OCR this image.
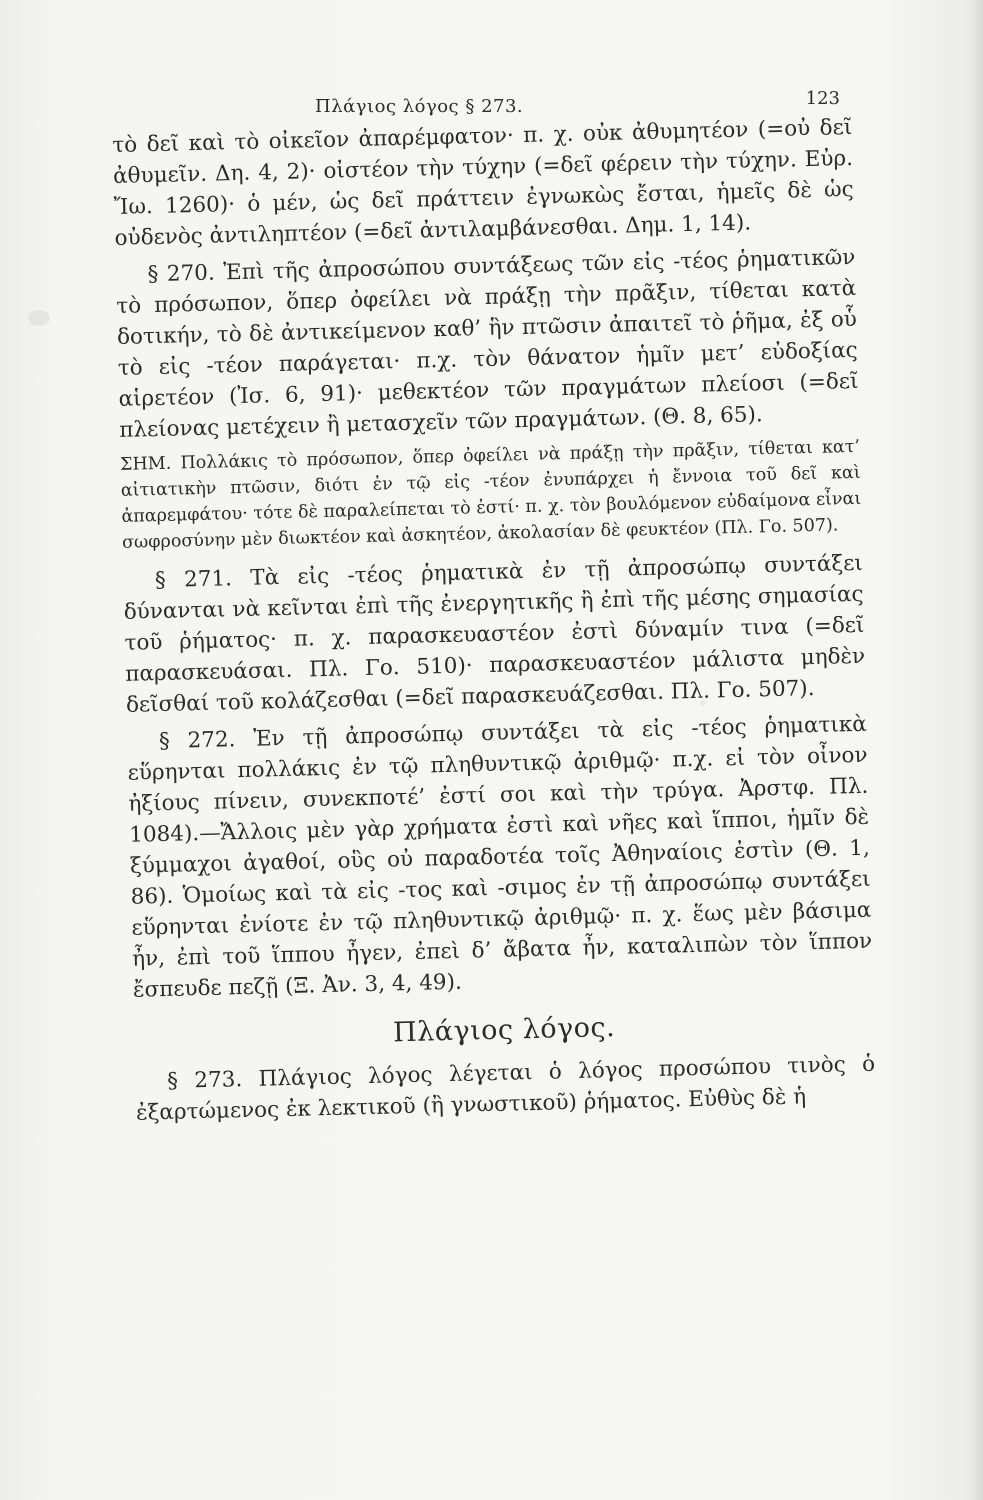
Πλάγιος λόγος § 273.	123

τὸ δεῖ καὶ τὸ οἰκεῖον ἀπαρέμφατον· π. χ. οὐκ ἀθυμητέον (=οὐ δεῖ ἀθυμεῖν. Δη. 4, 2)· οἰστέον τὴν τύχην (=δεῖ φέρειν τὴν τύχην. Εὐρ. Ἴω. 1260)· ὁ μέν, ὡς δεῖ πράττειν ἐγνωκὼς ἔσται, ἡμεῖς δὲ ὡς οὐδενὸς ἀντιληπτέον (=δεῖ ἀντιλαμβάνεσθαι. Δημ. 1, 14).

§ 270. Ἐπὶ τῆς ἀπροσώπου συντάξεως τῶν εἰς -τέος ῥηματικῶν τὸ πρόσωπον, ὅπερ ὀφείλει νὰ πράξῃ τὴν πρᾶξιν, τίθεται κατὰ δοτικήν, τὸ δὲ ἀντικείμενον καθ’ ἣν πτῶσιν ἀπαιτεῖ τὸ ῥῆμα, ἐξ οὗ τὸ εἰς -τέον παράγεται· π.χ. τὸν θάνατον ἡμῖν μετ’ εὐδοξίας αἱρετέον (Ἰσ. 6, 91)· μεθεκτέον τῶν πραγμάτων πλείοσι (=δεῖ πλείονας μετέχειν ἢ μετασχεῖν τῶν πραγμάτων. (Θ. 8, 65).

ΣΗΜ. Πολλάκις τὸ πρόσωπον, ὅπερ ὀφείλει νὰ πράξῃ τὴν πρᾶξιν, τίθεται κατ’ αἰτιατικὴν πτῶσιν, διότι ἐν τῷ εἰς -τέον ἐνυπάρχει ἡ ἔννοια τοῦ δεῖ καὶ ἀπαρεμφάτου· τότε δὲ παραλείπεται τὸ ἐστί· π. χ. τὸν βουλόμενον εὐδαίμονα εἶναι σωφροσύνην μὲν διωκτέον καὶ ἀσκητέον, ἀκολασίαν δὲ φευκτέον (Πλ. Γο. 507).

§ 271. Τὰ εἰς -τέος ῥηματικὰ ἐν τῇ ἀπροσώπῳ συντάξει δύνανται νὰ κεῖνται ἐπὶ τῆς ἐνεργητικῆς ἢ ἐπὶ τῆς μέσης σημασίας τοῦ ῥήματος· π. χ. παρασκευαστέον ἐστὶ δύναμίν τινα (=δεῖ παρασκευάσαι. Πλ. Γο. 510)· παρασκευαστέον μάλιστα μηδὲν δεῖσθαί τοῦ κολάζεσθαι (=δεῖ παρασκευάζεσθαι. Πλ. Γο. 507).

§ 272. Ἐν τῇ ἀπροσώπῳ συντάξει τὰ εἰς -τέος ῥηματικὰ εὕρηνται πολλάκις ἐν τῷ πληθυντικῷ ἀριθμῷ· π.χ. εἰ τὸν οἶνον ἠξίους πίνειν, συνεκποτέ’ ἐστί σοι καὶ τὴν τρύγα. Ἀρστφ. Πλ. 1084).—Ἄλλοις μὲν γὰρ χρήματα ἐστὶ καὶ νῆες καὶ ἵπποι, ἡμῖν δὲ ξύμμαχοι ἀγαθοί, οὓς οὐ παραδοτέα τοῖς Ἀθηναίοις ἐστὶν (Θ. 1, 86). Ὁμοίως καὶ τὰ εἰς -τος καὶ -σιμος ἐν τῇ ἀπροσώπῳ συντάξει εὕρηνται ἐνίοτε ἐν τῷ πληθυντικῷ ἀριθμῷ· π. χ. ἕως μὲν βάσιμα ἦν, ἐπὶ τοῦ ἵππου ἦγεν, ἐπεὶ δ’ ἄβατα ἦν, καταλιπὼν τὸν ἵππον ἔσπευδε πεζῇ (Ξ. Ἀν. 3, 4, 49).

Πλάγιος λόγος.

§ 273. Πλάγιος λόγος λέγεται ὁ λόγος προσώπου τινὸς ὁ ἐξαρτώμενος ἐκ λεκτικοῦ (ἢ γνωστικοῦ) ῥήματος. Εὐθὺς δὲ ἡ
